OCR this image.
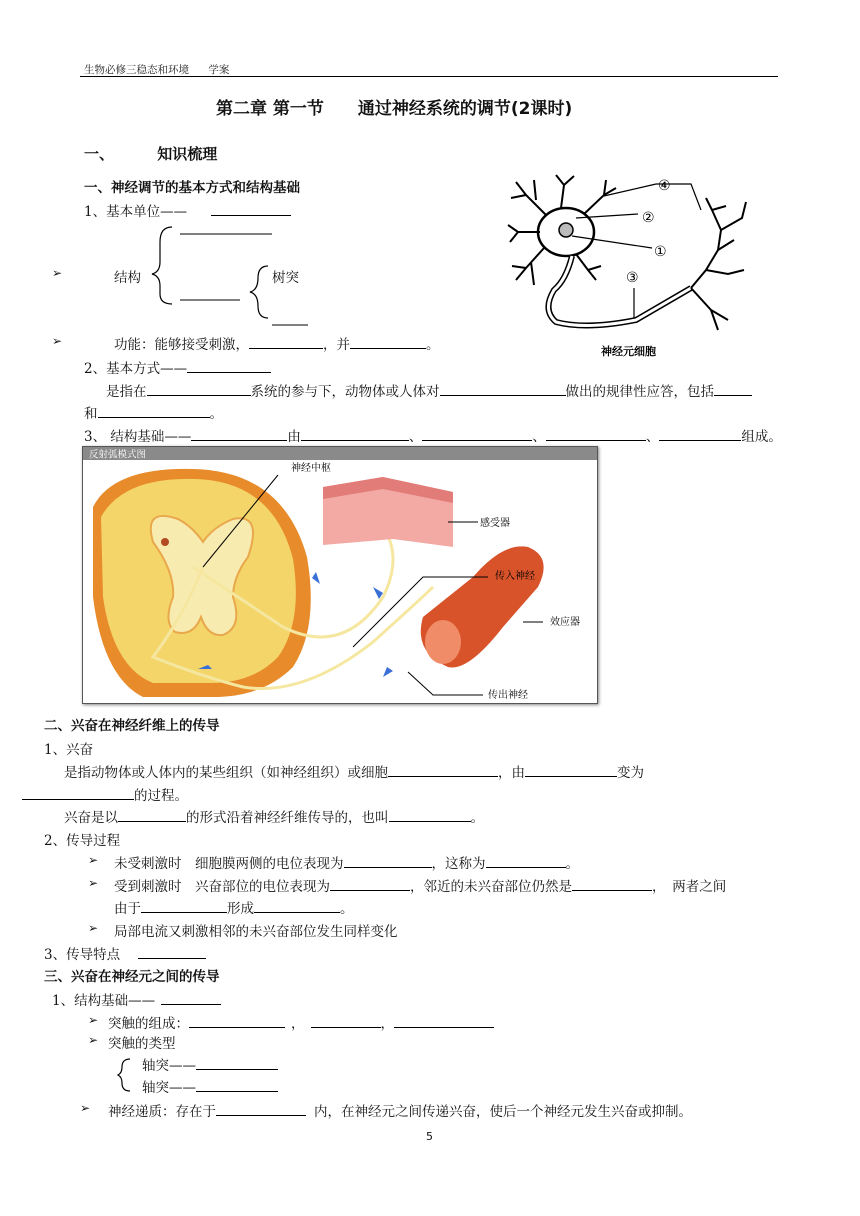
生物必修三稳态和环境 学案
第二章 第一节　　通过神经系统的调节(2课时)
一、	知识梳理
一、神经调节的基本方式和结构基础
1、基本单位——
➢	结构	树突
➢	功能：能够接受刺激，	，并	。
2、基本方式——
是指在	系统的参与下，动物体或人体对	做出的规律性应答，包括
和	。
3、 结构基础——	由	、	、	、	组成。
④
②
①
③
神经元细胞
反射弧模式图
神经中枢
感受器
传入神经
效应器
传出神经
二、兴奋在神经纤维上的传导
1、兴奋
是指动物体或人体内的某些组织（如神经组织）或细胞	，由	变为
的过程。
兴奋是以	的形式沿着神经纤维传导的，也叫	。
2、传导过程
➢ 未受刺激时　细胞膜两侧的电位表现为	，这称为	。
➢ 受到刺激时　兴奋部位的电位表现为	，邻近的未兴奋部位仍然是	，　两者之间
由于	形成	。
➢ 局部电流又刺激相邻的未兴奋部位发生同样变化
3、传导特点
三、兴奋在神经元之间的传导
1、结构基础——
➢ 突触的组成：	，	，
➢ 突触的类型
轴突——
轴突——
➢ 神经递质：存在于	内，在神经元之间传递兴奋，使后一个神经元发生兴奋或抑制。
5
